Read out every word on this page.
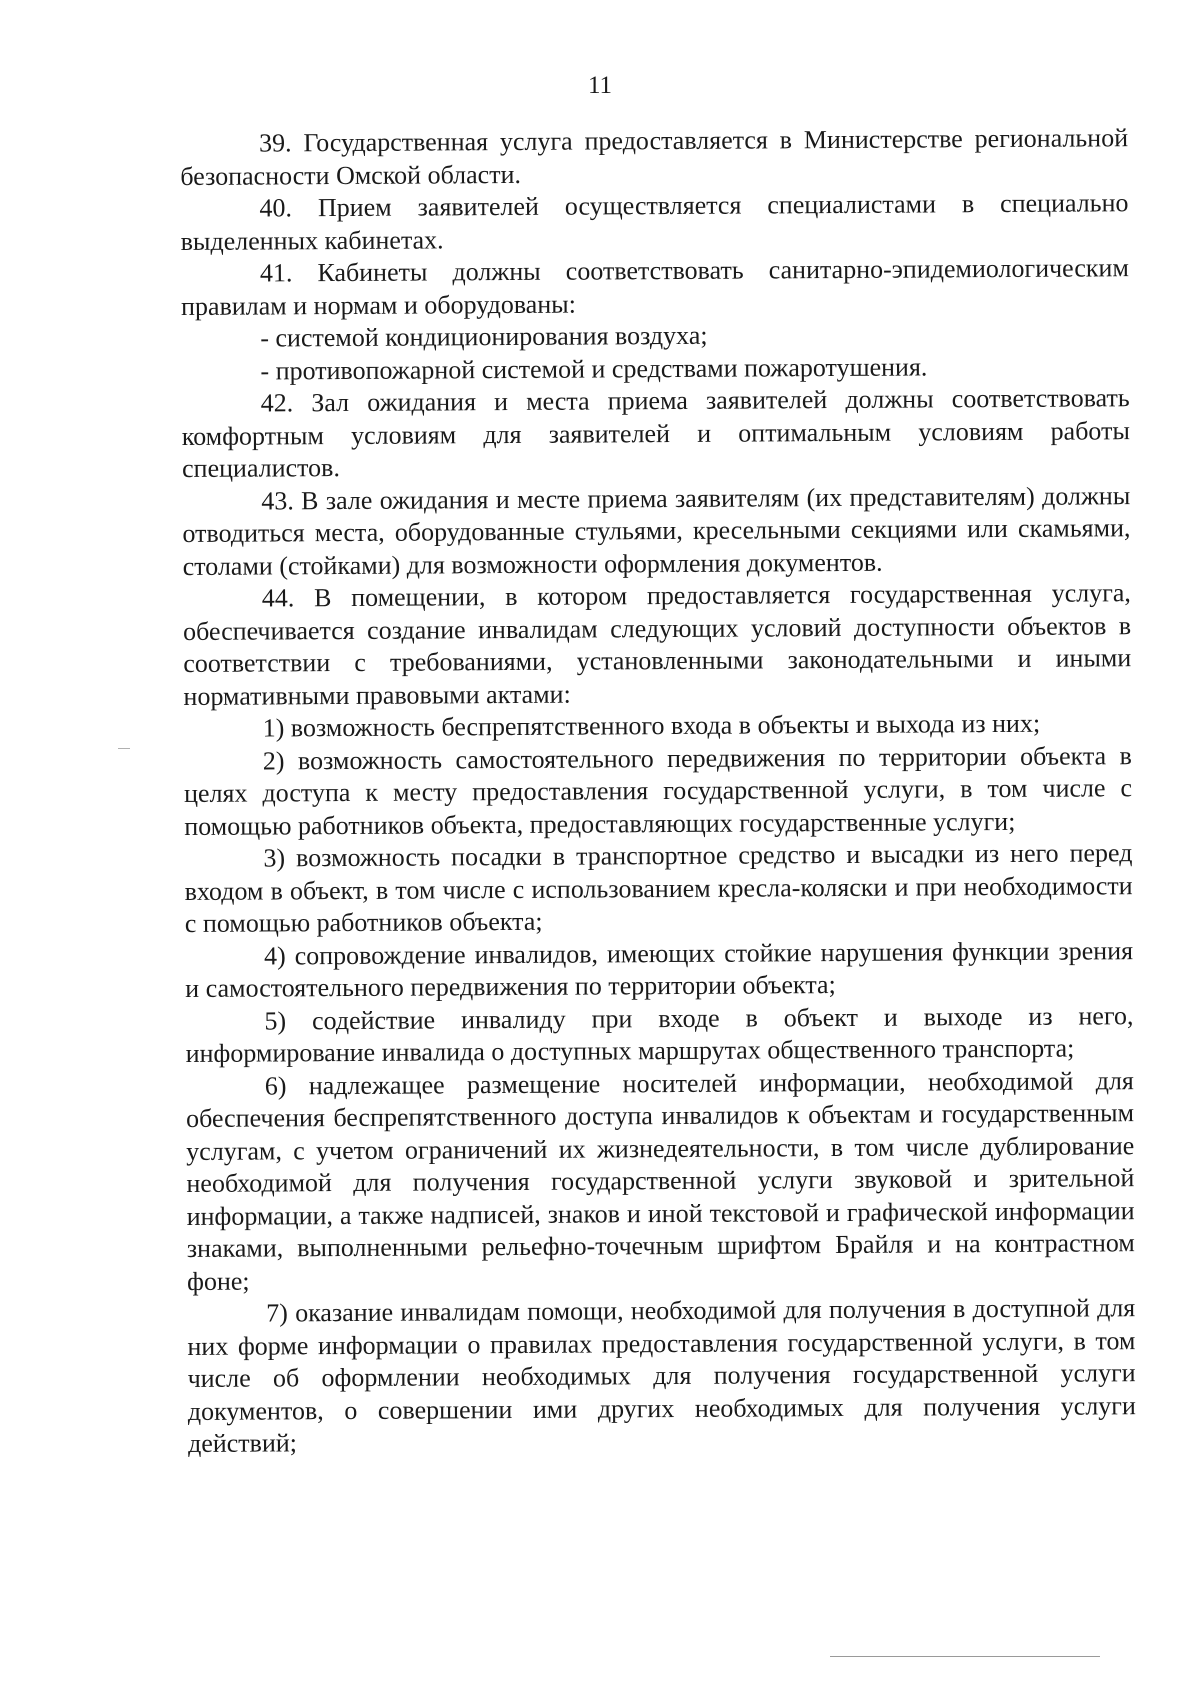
11

39. Государственная услуга предоставляется в Министерстве региональной безопасности Омской области.

40. Прием заявителей осуществляется специалистами в специально выделенных кабинетах.

41. Кабинеты должны соответствовать санитарно-эпидемиологическим правилам и нормам и оборудованы:

- системой кондиционирования воздуха;

- противопожарной системой и средствами пожаротушения.

42. Зал ожидания и места приема заявителей должны соответствовать комфортным условиям для заявителей и оптимальным условиям работы специалистов.

43. В зале ожидания и месте приема заявителям (их представителям) должны отводиться места, оборудованные стульями, кресельными секциями или скамьями, столами (стойками) для возможности оформления документов.

44. В помещении, в котором предоставляется государственная услуга, обеспечивается создание инвалидам следующих условий доступности объектов в соответствии с требованиями, установленными законодательными и иными нормативными правовыми актами:

1) возможность беспрепятственного входа в объекты и выхода из них;

2) возможность самостоятельного передвижения по территории объекта в целях доступа к месту предоставления государственной услуги, в том числе с помощью работников объекта, предоставляющих государственные услуги;

3) возможность посадки в транспортное средство и высадки из него перед входом в объект, в том числе с использованием кресла-коляски и при необходимости с помощью работников объекта;

4) сопровождение инвалидов, имеющих стойкие нарушения функции зрения и самостоятельного передвижения по территории объекта;

5) содействие инвалиду при входе в объект и выходе из него, информирование инвалида о доступных маршрутах общественного транспорта;

6) надлежащее размещение носителей информации, необходимой для обеспечения беспрепятственного доступа инвалидов к объектам и государственным услугам, с учетом ограничений их жизнедеятельности, в том числе дублирование необходимой для получения государственной услуги звуковой и зрительной информации, а также надписей, знаков и иной текстовой и графической информации знаками, выполненными рельефно-точечным шрифтом Брайля и на контрастном фоне;

7) оказание инвалидам помощи, необходимой для получения в доступной для них форме информации о правилах предоставления государственной услуги, в том числе об оформлении необходимых для получения государственной услуги документов, о совершении ими других необходимых для получения услуги действий;
